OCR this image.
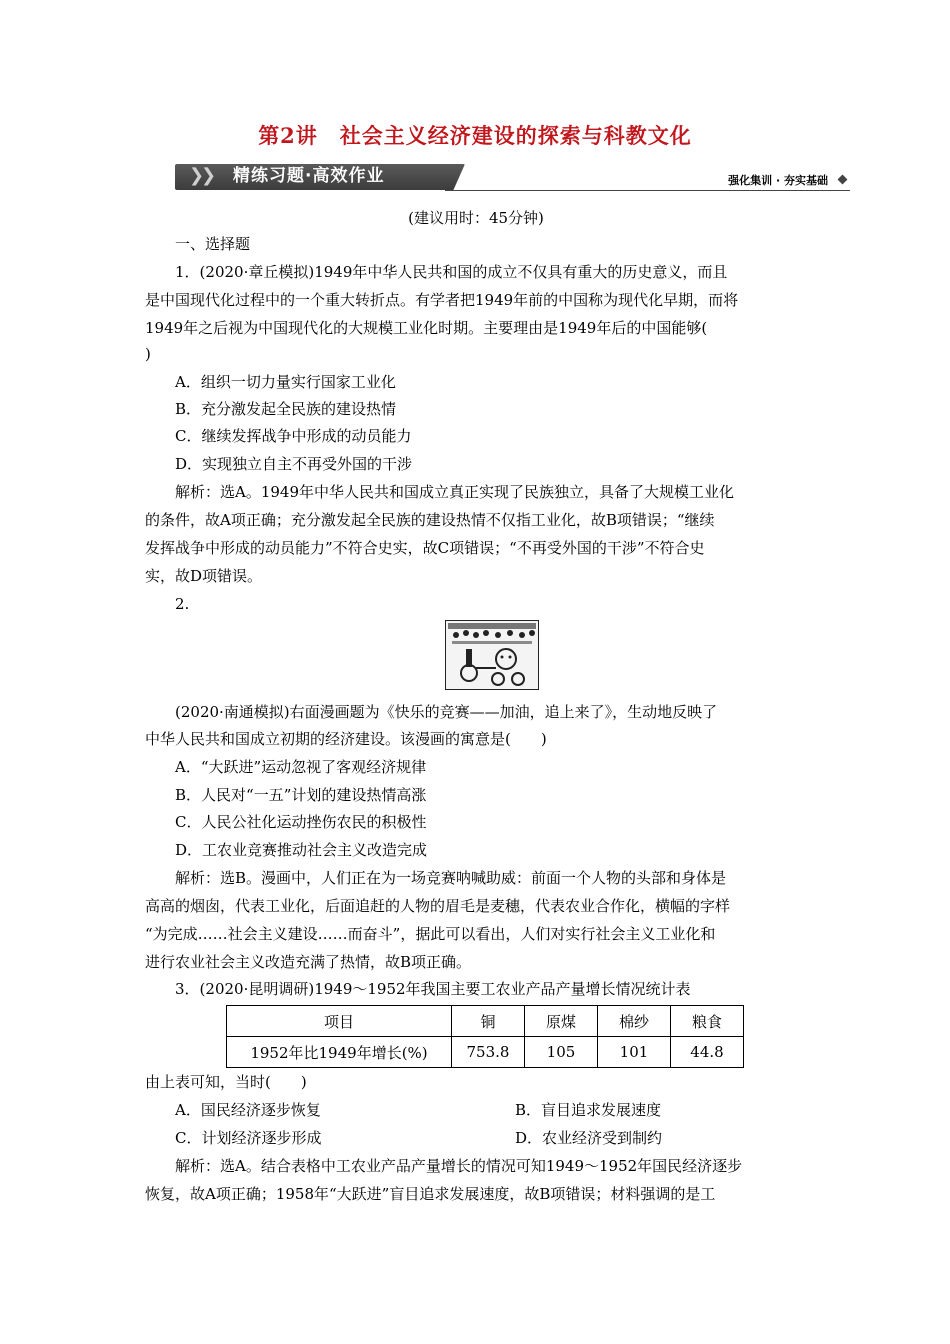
第2讲　社会主义经济建设的探索与科教文化
❯
❯ 精练习题·高效作业	强化集训 · 夯实基础

(建议用时：45分钟)

一、选择题

1．(2020·章丘模拟)1949年中华人民共和国的成立不仅具有重大的历史意义，而且

是中国现代化过程中的一个重大转折点。有学者把1949年前的中国称为现代化早期，而将

1949年之后视为中国现代化的大规模工业化时期。主要理由是1949年后的中国能够(

)

A．组织一切力量实行国家工业化

B．充分激发起全民族的建设热情

C．继续发挥战争中形成的动员能力

D．实现独立自主不再受外国的干涉

解析：选A。1949年中华人民共和国成立真正实现了民族独立，具备了大规模工业化

的条件，故A项正确；充分激发起全民族的建设热情不仅指工业化，故B项错误；“继续

发挥战争中形成的动员能力”不符合史实，故C项错误；“不再受外国的干涉”不符合史

实，故D项错误。

2.

(2020·南通模拟)右面漫画题为《快乐的竞赛——加油，追上来了》，生动地反映了

中华人民共和国成立初期的经济建设。该漫画的寓意是(　　)

A．“大跃进”运动忽视了客观经济规律

B．人民对“一五”计划的建设热情高涨

C．人民公社化运动挫伤农民的积极性

D．工农业竞赛推动社会主义改造完成

解析：选B。漫画中，人们正在为一场竞赛呐喊助威：前面一个人物的头部和身体是

高高的烟囱，代表工业化，后面追赶的人物的眉毛是麦穗，代表农业合作化，横幅的字样

“为完成……社会主义建设……而奋斗”，据此可以看出，人们对实行社会主义工业化和

进行农业社会主义改造充满了热情，故B项正确。

3．(2020·昆明调研)1949～1952年我国主要工农业产品产量增长情况统计表

项目	铜	原煤	棉纱	粮食
1952年比1949年增长(%)	753.8	105	101	44.8

由上表可知，当时(　　)

A．国民经济逐步恢复	B．盲目追求发展速度

C．计划经济逐步形成	D．农业经济受到制约

解析：选A。结合表格中工农业产品产量增长的情况可知1949～1952年国民经济逐步

恢复，故A项正确；1958年“大跃进”盲目追求发展速度，故B项错误；材料强调的是工
